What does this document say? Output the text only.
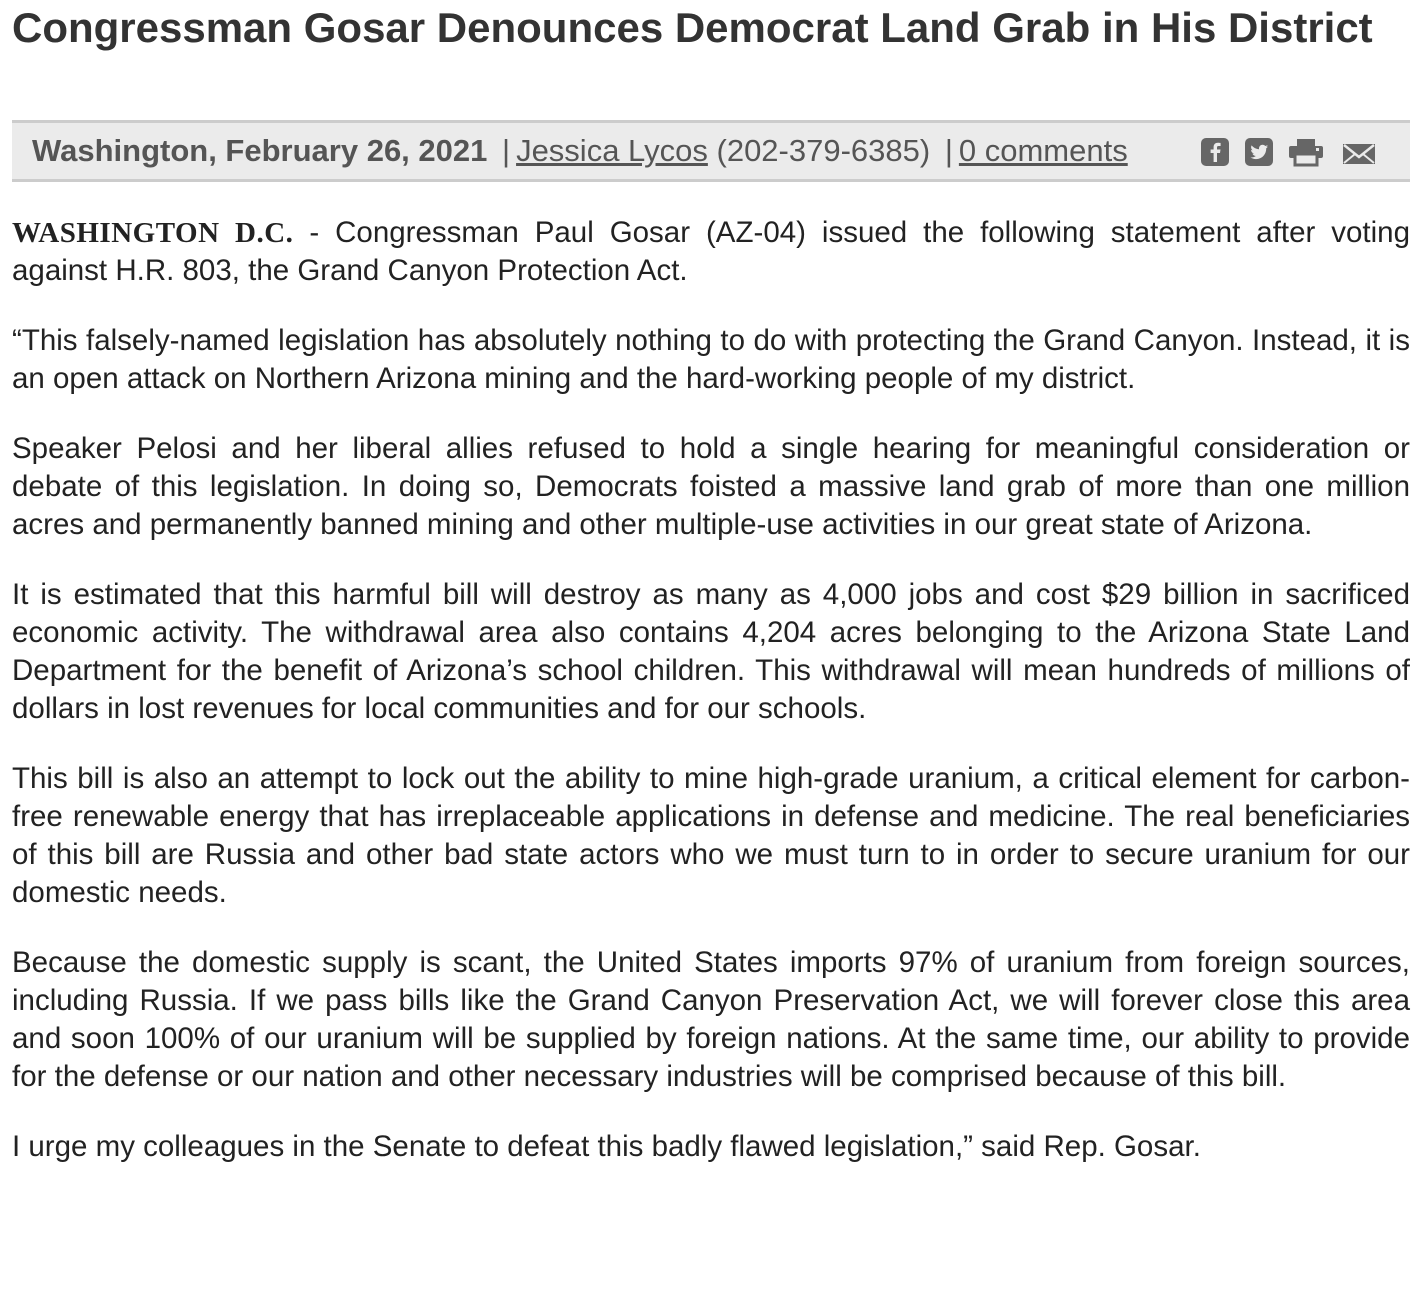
Congressman Gosar Denounces Democrat Land Grab in His District
Washington, February 26, 2021 | Jessica Lycos (202-379-6385) | 0 comments

WASHINGTON D.C. - Congressman Paul Gosar (AZ-04) issued the following statement after voting against H.R. 803, the Grand Canyon Protection Act.

“This falsely-named legislation has absolutely nothing to do with protecting the Grand Canyon. Instead, it is an open attack on Northern Arizona mining and the hard-working people of my district.

Speaker Pelosi and her liberal allies refused to hold a single hearing for meaningful consideration or debate of this legislation. In doing so, Democrats foisted a massive land grab of more than one million acres and permanently banned mining and other multiple-use activities in our great state of Arizona.

It is estimated that this harmful bill will destroy as many as 4,000 jobs and cost $29 billion in sacrificed economic activity. The withdrawal area also contains 4,204 acres belonging to the Arizona State Land Department for the benefit of Arizona’s school children. This withdrawal will mean hundreds of millions of dollars in lost revenues for local communities and for our schools.

This bill is also an attempt to lock out the ability to mine high-grade uranium, a critical element for carbon-free renewable energy that has irreplaceable applications in defense and medicine. The real beneficiaries of this bill are Russia and other bad state actors who we must turn to in order to secure uranium for our domestic needs.

Because the domestic supply is scant, the United States imports 97% of uranium from foreign sources, including Russia. If we pass bills like the Grand Canyon Preservation Act, we will forever close this area and soon 100% of our uranium will be supplied by foreign nations. At the same time, our ability to provide for the defense or our nation and other necessary industries will be comprised because of this bill.

I urge my colleagues in the Senate to defeat this badly flawed legislation,” said Rep. Gosar.
